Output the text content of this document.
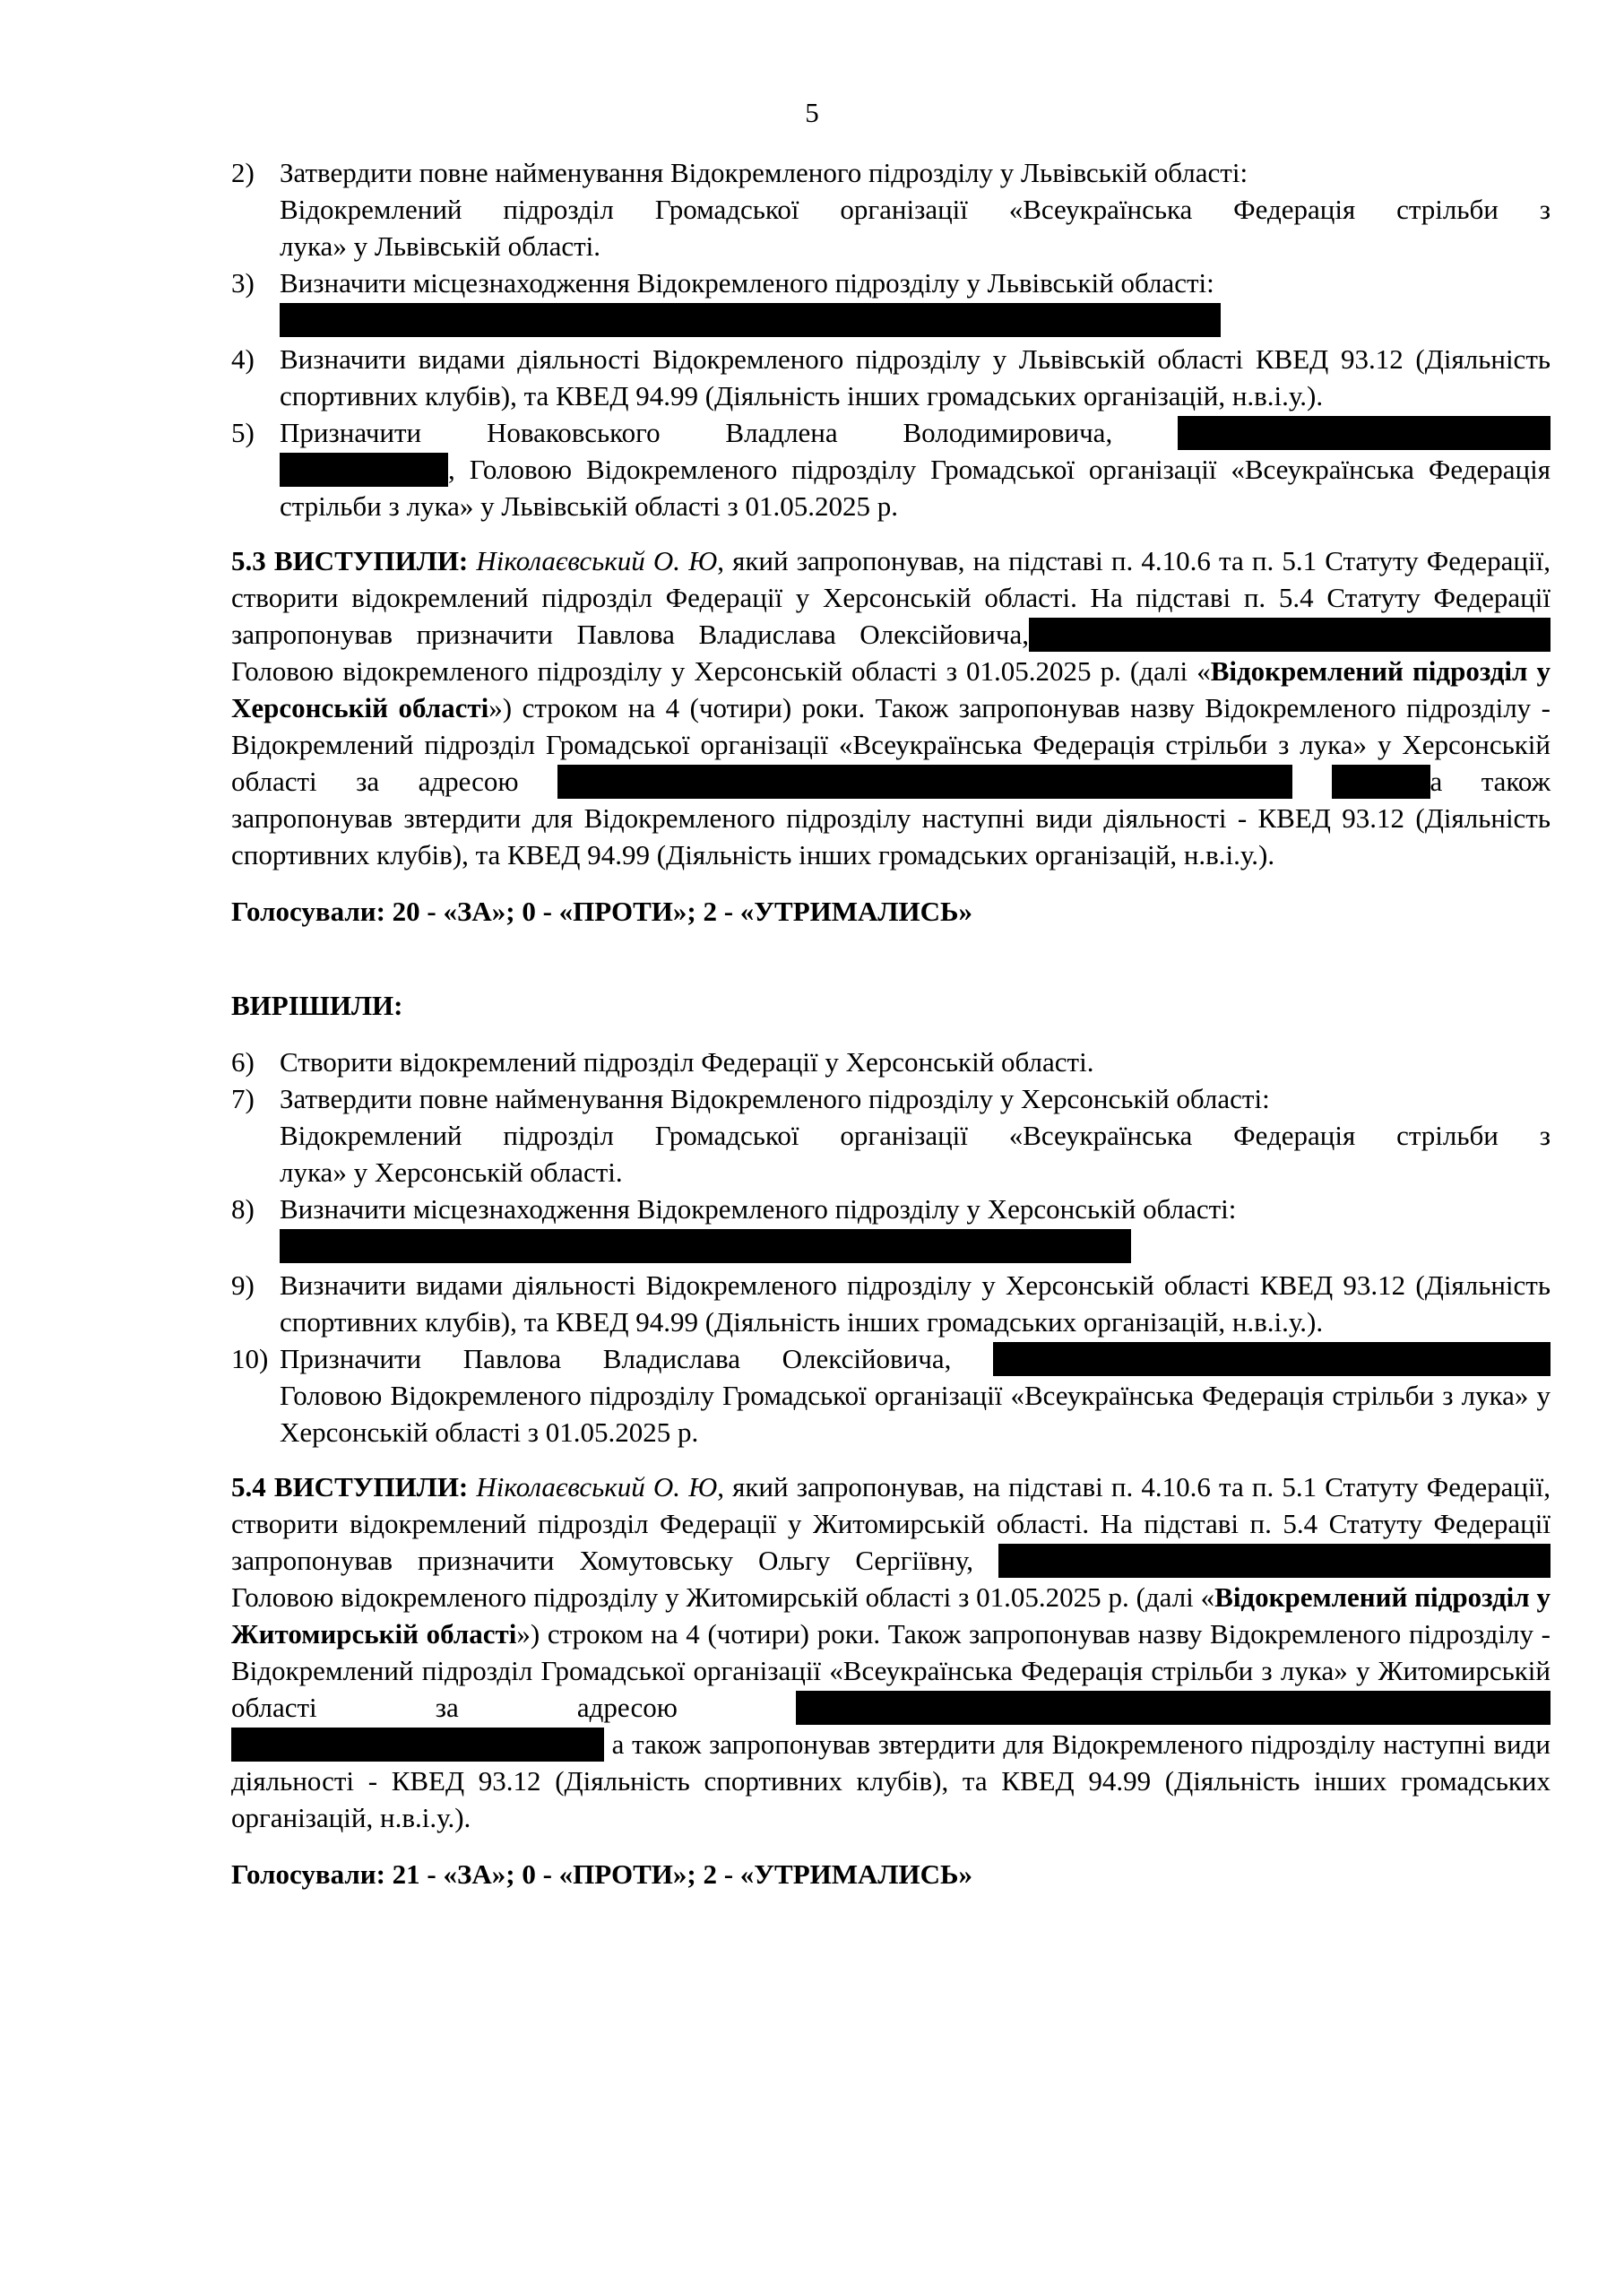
5
2) Затвердити повне найменування Відокремленого підрозділу у Львівській області:

Відокремлений підрозділ Громадської організації «Всеукраїнська Федерація стрільби з

лука» у Львівській області.

3) Визначити місцезнаходження Відокремленого підрозділу у Львівській області:

4) Визначити видами діяльності Відокремленого підрозділу у Львівській області КВЕД 93.12 (Діяльність спортивних клубів), та КВЕД 94.99 (Діяльність інших громадських організацій, н.в.і.у.).

5) Призначити Новаковського Владлена Володимировича,

, Головою Відокремленого підрозділу Громадської організації «Всеукраїнська Федерація стрільби з лука» у Львівській області з 01.05.2025 р.

5.3 ВИСТУПИЛИ: Ніколаєвський О. Ю, який запропонував, на підставі п. 4.10.6 та п. 5.1 Статуту Федерації, створити відокремлений підрозділ Федерації у Херсонській області. На підставі п. 5.4 Статуту Федерації запропонував призначити Павлова Владислава Олексійовича, Головою відокремленого підрозділу у Херсонській області з 01.05.2025 р. (далі «Відокремлений підрозділ у Херсонській області») строком на 4 (чотири) роки. Також запропонував назву Відокремленого підрозділу - Відокремлений підрозділ Громадської організації «Всеукраїнська Федерація стрільби з лука» у Херсонській області за адресою	а також запропонував звтердити для Відокремленого підрозділу наступні види діяльності - КВЕД 93.12 (Діяльність спортивних клубів), та КВЕД 94.99 (Діяльність інших громадських організацій, н.в.і.у.).

Голосували: 20 - «ЗА»; 0 - «ПРОТИ»; 2 - «УТРИМАЛИСЬ»

ВИРІШИЛИ:

6) Створити відокремлений підрозділ Федерації у Херсонській області.

7) Затвердити повне найменування Відокремленого підрозділу у Херсонській області:

Відокремлений підрозділ Громадської організації «Всеукраїнська Федерація стрільби з

лука» у Херсонській області.

8) Визначити місцезнаходження Відокремленого підрозділу у Херсонській області:

9) Визначити видами діяльності Відокремленого підрозділу у Херсонській області КВЕД 93.12 (Діяльність спортивних клубів), та КВЕД 94.99 (Діяльність інших громадських організацій, н.в.і.у.).

10) Призначити Павлова Владислава Олексійовича,

Головою Відокремленого підрозділу Громадської організації «Всеукраїнська Федерація стрільби з лука» у Херсонській області з 01.05.2025 р.

5.4 ВИСТУПИЛИ: Ніколаєвський О. Ю, який запропонував, на підставі п. 4.10.6 та п. 5.1 Статуту Федерації, створити відокремлений підрозділ Федерації у Житомирській області. На підставі п. 5.4 Статуту Федерації запропонував призначити Хомутовську Ольгу Сергіївну,  Головою відокремленого підрозділу у Житомирській області з 01.05.2025 р. (далі «Відокремлений підрозділ у Житомирській області») строком на 4 (чотири) роки. Також запропонував назву Відокремленого підрозділу - Відокремлений підрозділ Громадської організації «Всеукраїнська Федерація стрільби з лука» у Житомирській області за адресою   а також запропонував звтердити для Відокремленого підрозділу наступні види діяльності - КВЕД 93.12 (Діяльність спортивних клубів), та КВЕД 94.99 (Діяльність інших громадських організацій, н.в.і.у.).

Голосували: 21 - «ЗА»; 0 - «ПРОТИ»; 2 - «УТРИМАЛИСЬ»
